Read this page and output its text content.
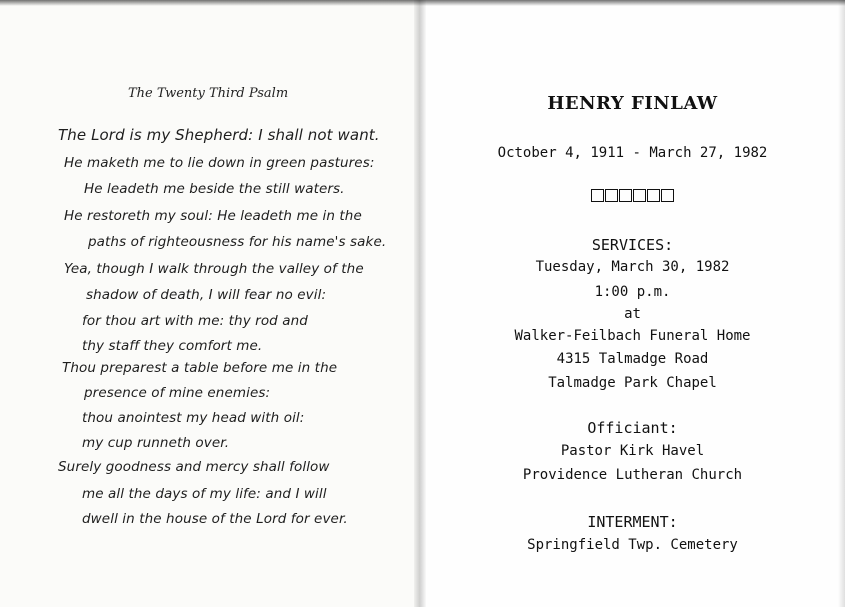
The Twenty Third Psalm
The Lord is my Shepherd: I shall not want.
He maketh me to lie down in green pastures:
He leadeth me beside the still waters.
He restoreth my soul: He leadeth me in the
paths of righteousness for his name's sake.
Yea, though I walk through the valley of the
shadow of death, I will fear no evil:
for thou art with me: thy rod and
thy staff they comfort me.
Thou preparest a table before me in the
presence of mine enemies:
thou anointest my head with oil:
my cup runneth over.
Surely goodness and mercy shall follow
me all the days of my life: and I will
dwell in the house of the Lord for ever.
HENRY FINLAW
October 4, 1911 - March 27, 1982
SERVICES:
Tuesday, March 30, 1982
1:00 p.m.
at
Walker-Feilbach Funeral Home
4315 Talmadge Road
Talmadge Park Chapel
Officiant:
Pastor Kirk Havel
Providence Lutheran Church
INTERMENT:
Springfield Twp. Cemetery
